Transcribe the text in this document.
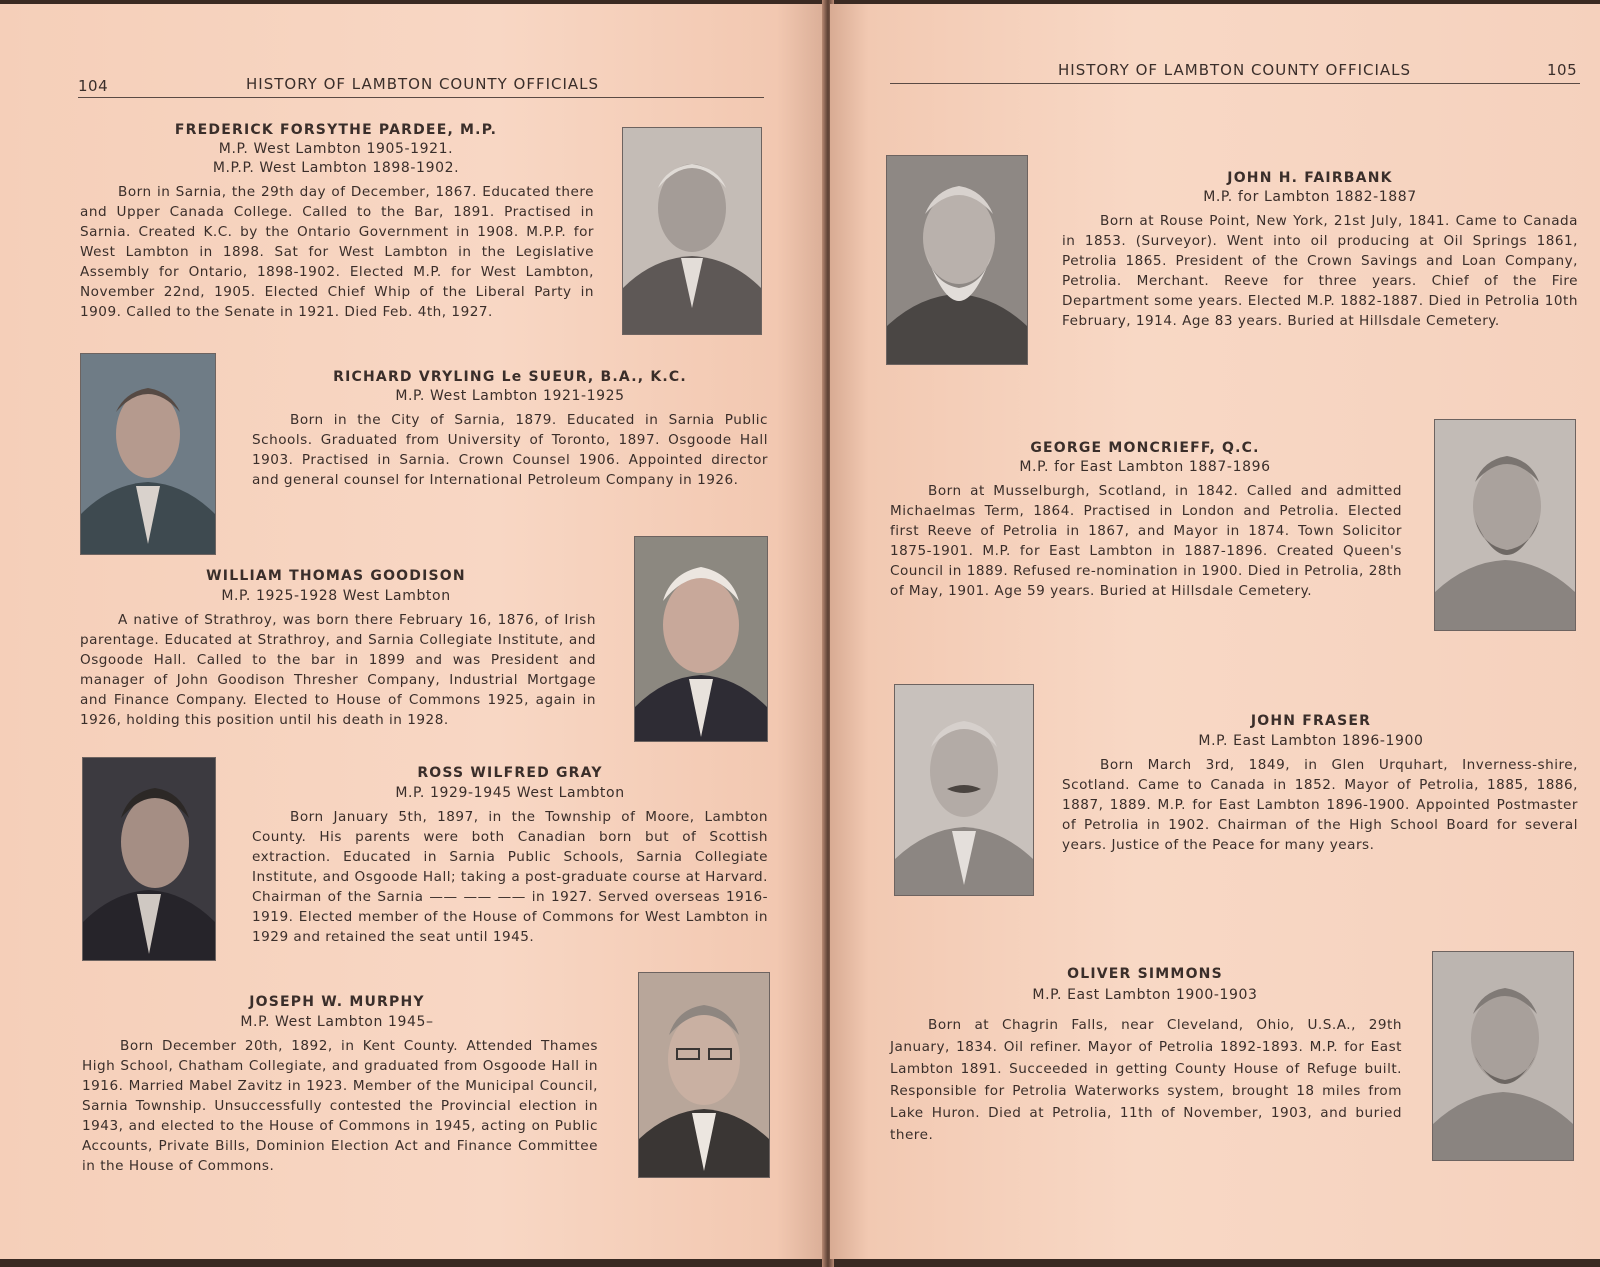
104	HISTORY OF LAMBTON COUNTY OFFICIALS
FREDERICK FORSYTHE PARDEE, M.P.
M.P. West Lambton 1905-1921.
M.P.P. West Lambton 1898-1902.
Born in Sarnia, the 29th day of December, 1867. Educated there and Upper Canada College. Called to the Bar, 1891. Practised in Sarnia. Created K.C. by the Ontario Government in 1908. M.P.P. for West Lambton in 1898. Sat for West Lambton in the Legislative Assembly for Ontario, 1898-1902. Elected M.P. for West Lambton, November 22nd, 1905. Elected Chief Whip of the Liberal Party in 1909. Called to the Senate in 1921. Died Feb. 4th, 1927.
RICHARD VRYLING Le SUEUR, B.A., K.C.
M.P. West Lambton 1921-1925
Born in the City of Sarnia, 1879. Educated in Sarnia Public Schools. Graduated from University of Toronto, 1897. Osgoode Hall 1903. Practised in Sarnia. Crown Counsel 1906. Appointed director and general counsel for International Petroleum Company in 1926.
WILLIAM THOMAS GOODISON
M.P. 1925-1928 West Lambton
A native of Strathroy, was born there February 16, 1876, of Irish parentage. Educated at Strathroy, and Sarnia Collegiate Institute, and Osgoode Hall. Called to the bar in 1899 and was President and manager of John Goodison Thresher Company, Industrial Mortgage and Finance Company. Elected to House of Commons 1925, again in 1926, holding this position until his death in 1928.
ROSS WILFRED GRAY
M.P. 1929-1945 West Lambton
Born January 5th, 1897, in the Township of Moore, Lambton County. His parents were both Canadian born but of Scottish extraction. Educated in Sarnia Public Schools, Sarnia Collegiate Institute, and Osgoode Hall; taking a post-graduate course at Harvard. Chairman of the Sarnia —— —— —— in 1927. Served overseas 1916-1919. Elected member of the House of Commons for West Lambton in 1929 and retained the seat until 1945.
JOSEPH W. MURPHY
M.P. West Lambton 1945–
Born December 20th, 1892, in Kent County. Attended Thames High School, Chatham Collegiate, and graduated from Osgoode Hall in 1916. Married Mabel Zavitz in 1923. Member of the Municipal Council, Sarnia Township. Unsuccessfully contested the Provincial election in 1943, and elected to the House of Commons in 1945, acting on Public Accounts, Private Bills, Dominion Election Act and Finance Committee in the House of Commons.
HISTORY OF LAMBTON COUNTY OFFICIALS	105
JOHN H. FAIRBANK
M.P. for Lambton 1882-1887
Born at Rouse Point, New York, 21st July, 1841. Came to Canada in 1853. (Surveyor). Went into oil producing at Oil Springs 1861, Petrolia 1865. President of the Crown Savings and Loan Company, Petrolia. Merchant. Reeve for three years. Chief of the Fire Department some years. Elected M.P. 1882-1887. Died in Petrolia 10th February, 1914. Age 83 years. Buried at Hillsdale Cemetery.
GEORGE MONCRIEFF, Q.C.
M.P. for East Lambton 1887-1896
Born at Musselburgh, Scotland, in 1842. Called and admitted Michaelmas Term, 1864. Practised in London and Petrolia. Elected first Reeve of Petrolia in 1867, and Mayor in 1874. Town Solicitor 1875-1901. M.P. for East Lambton in 1887-1896. Created Queen's Council in 1889. Refused re-nomination in 1900. Died in Petrolia, 28th of May, 1901. Age 59 years. Buried at Hillsdale Cemetery.
JOHN FRASER
M.P. East Lambton 1896-1900
Born March 3rd, 1849, in Glen Urquhart, Inverness-shire, Scotland. Came to Canada in 1852. Mayor of Petrolia, 1885, 1886, 1887, 1889. M.P. for East Lambton 1896-1900. Appointed Postmaster of Petrolia in 1902. Chairman of the High School Board for several years. Justice of the Peace for many years.
OLIVER SIMMONS
M.P. East Lambton 1900-1903
Born at Chagrin Falls, near Cleveland, Ohio, U.S.A., 29th January, 1834. Oil refiner. Mayor of Petrolia 1892-1893. M.P. for East Lambton 1891. Succeeded in getting County House of Refuge built. Responsible for Petrolia Waterworks system, brought 18 miles from Lake Huron. Died at Petrolia, 11th of November, 1903, and buried there.
